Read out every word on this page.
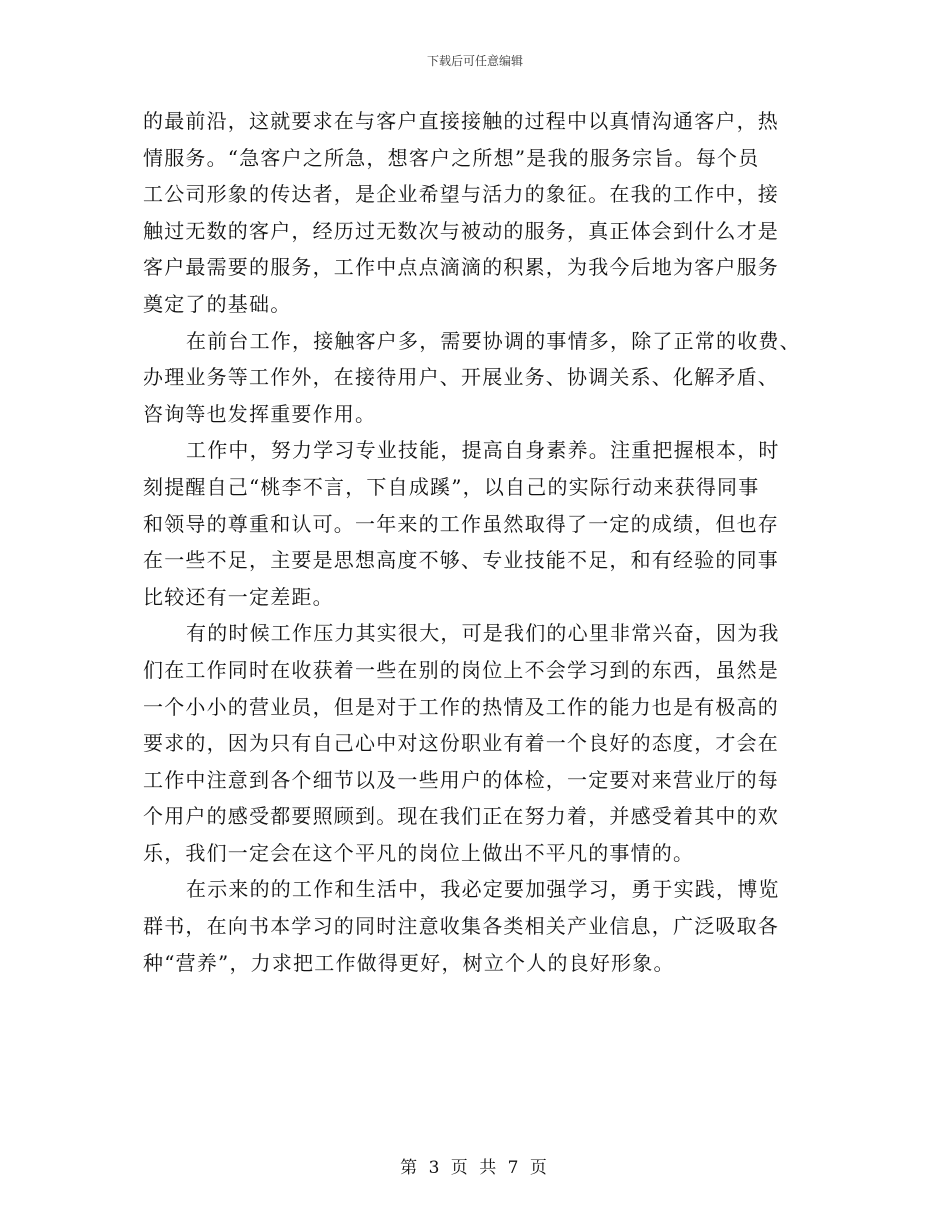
下载后可任意编辑
的最前沿，这就要求在与客户直接接触的过程中以真情沟通客户，热
情服务。“急客户之所急，想客户之所想”是我的服务宗旨。每个员
工公司形象的传达者，是企业希望与活力的象征。在我的工作中，接
触过无数的客户，经历过无数次与被动的服务，真正体会到什么才是
客户最需要的服务，工作中点点滴滴的积累，为我今后地为客户服务
奠定了的基础。
在前台工作，接触客户多，需要协调的事情多，除了正常的收费、
办理业务等工作外，在接待用户、开展业务、协调关系、化解矛盾、
咨询等也发挥重要作用。
工作中，努力学习专业技能，提高自身素养。注重把握根本，时
刻提醒自己“桃李不言，下自成蹊”，以自己的实际行动来获得同事
和领导的尊重和认可。一年来的工作虽然取得了一定的成绩，但也存
在一些不足，主要是思想高度不够、专业技能不足，和有经验的同事
比较还有一定差距。
有的时候工作压力其实很大，可是我们的心里非常兴奋，因为我
们在工作同时在收获着一些在别的岗位上不会学习到的东西，虽然是
一个小小的营业员，但是对于工作的热情及工作的能力也是有极高的
要求的，因为只有自己心中对这份职业有着一个良好的态度，才会在
工作中注意到各个细节以及一些用户的体检，一定要对来营业厅的每
个用户的感受都要照顾到。现在我们正在努力着，并感受着其中的欢
乐，我们一定会在这个平凡的岗位上做出不平凡的事情的。
在示来的的工作和生活中，我必定要加强学习，勇于实践，博览
群书，在向书本学习的同时注意收集各类相关产业信息，广泛吸取各
种“营养”，力求把工作做得更好，树立个人的良好形象。
第 3 页 共 7 页
